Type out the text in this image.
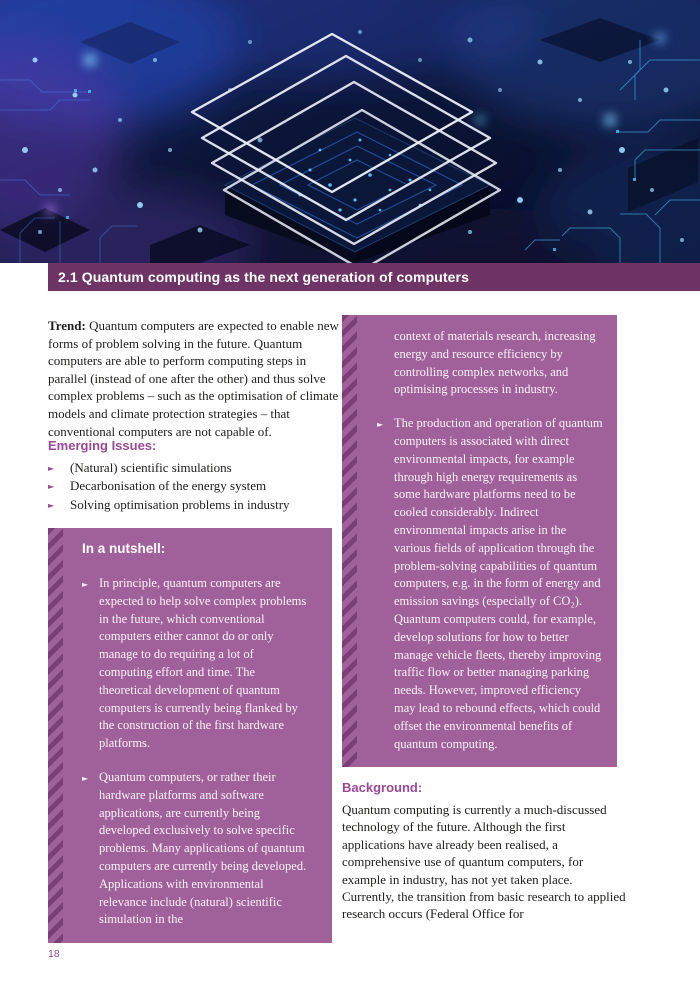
2.1 Quantum computing as the next generation of computers

Trend: Quantum computers are expected to enable new forms of problem solving in the future. Quantum computers are able to perform computing steps in parallel (instead of one after the other) and thus solve complex problems – such as the optimisation of climate models and climate protection strategies – that conventional computers are not capable of.

Emerging Issues:

►	(Natural) scientific simulations
►	Decarbonisation of the energy system
►	Solving optimisation problems in industry

In a nutshell:

► In principle, quantum computers are expected to help solve complex problems in the future, which conventional computers either cannot do or only manage to do requiring a lot of computing effort and time. The theoretical development of quantum computers is currently being flanked by the construction of the first hardware platforms.
► Quantum computers, or rather their hardware platforms and software applications, are currently being developed exclusively to solve specific problems. Many applications of quantum computers are currently being developed. Applications with environmental relevance include (natural) scientific simulation in the

context of materials research, increasing energy and resource efficiency by controlling complex networks, and optimising processes in industry.

► The production and operation of quantum computers is associated with direct environmental impacts, for example through high energy requirements as some hardware platforms need to be cooled considerably. Indirect environmental impacts arise in the various fields of application through the problem-solving capabilities of quantum computers, e.g. in the form of energy and emission savings (especially of CO₂). Quantum computers could, for example, develop solutions for how to better manage vehicle fleets, thereby improving traffic flow or better managing parking needs. However, improved efficiency may lead to rebound effects, which could offset the environmental benefits of quantum computing.

Background:

Quantum computing is currently a much-discussed technology of the future. Although the first applications have already been realised, a comprehensive use of quantum computers, for example in industry, has not yet taken place. Currently, the transition from basic research to applied research occurs (Federal Office for
18
